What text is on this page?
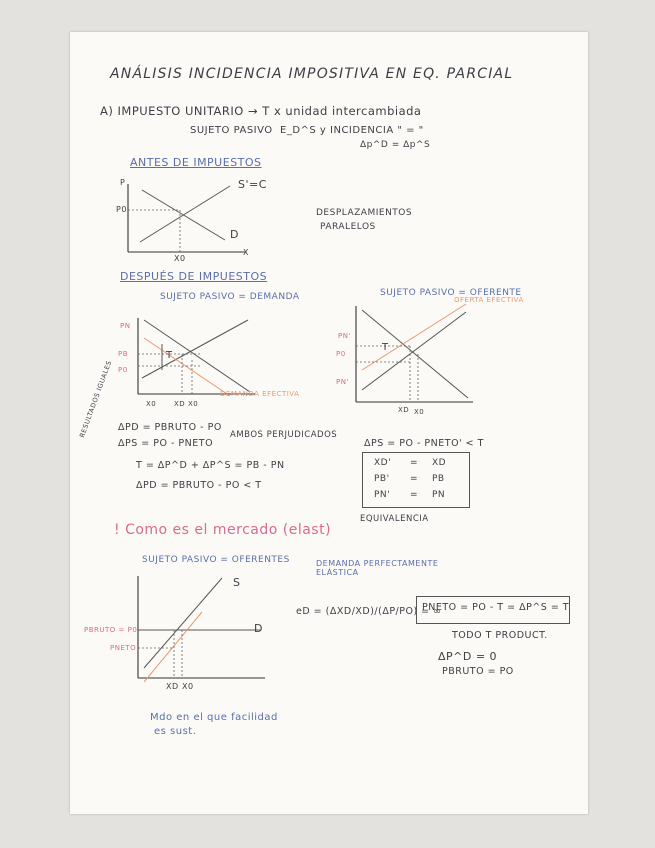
ANÁLISIS INCIDENCIA IMPOSITIVA EN EQ. PARCIAL
A) IMPUESTO UNITARIO → T x unidad intercambiada
SUJETO PASIVO E_D^S y INCIDENCIA " = "
Δp^D = Δp^S
ANTES DE IMPUESTOS
P
X
P0
X0
S'=C
D
DESPLAZAMIENTOS
PARALELOS
DESPUÉS DE IMPUESTOS
SUJETO PASIVO = DEMANDA	SUJETO PASIVO = OFERENTE
PN
PB
P0
T
X0	XD X0
DEMANDA EFECTIVA
PN'
P0
PN'
T
XD X0
OFERTA EFECTIVA
RESULTADOS IGUALES ΔPD = PBRUTO - PO
ΔPS = PO - PNETO
AMBOS PERJUDICADOS
T = ΔP^D + ΔP^S = PB - PN
ΔPD = PBRUTO - PO < T
ΔPS = PO - PNETO' < T
XD' = XD
PB' = PB
PN' = PN
EQUIVALENCIA
! Como es el mercado (elast)
SUJETO PASIVO = OFERENTES	DEMANDA PERFECTAMENTE ELÁSTICA
S
D
PBRUTO = P0
PNETO
XD X0
eD = (ΔXD/XD)/(ΔP/PO) = ∞
PNETO = PO - T = ΔP^S = T
TODO T PRODUCT.
ΔP^D = 0
PBRUTO = PO
Mdo en el que facilidad
es sust.
